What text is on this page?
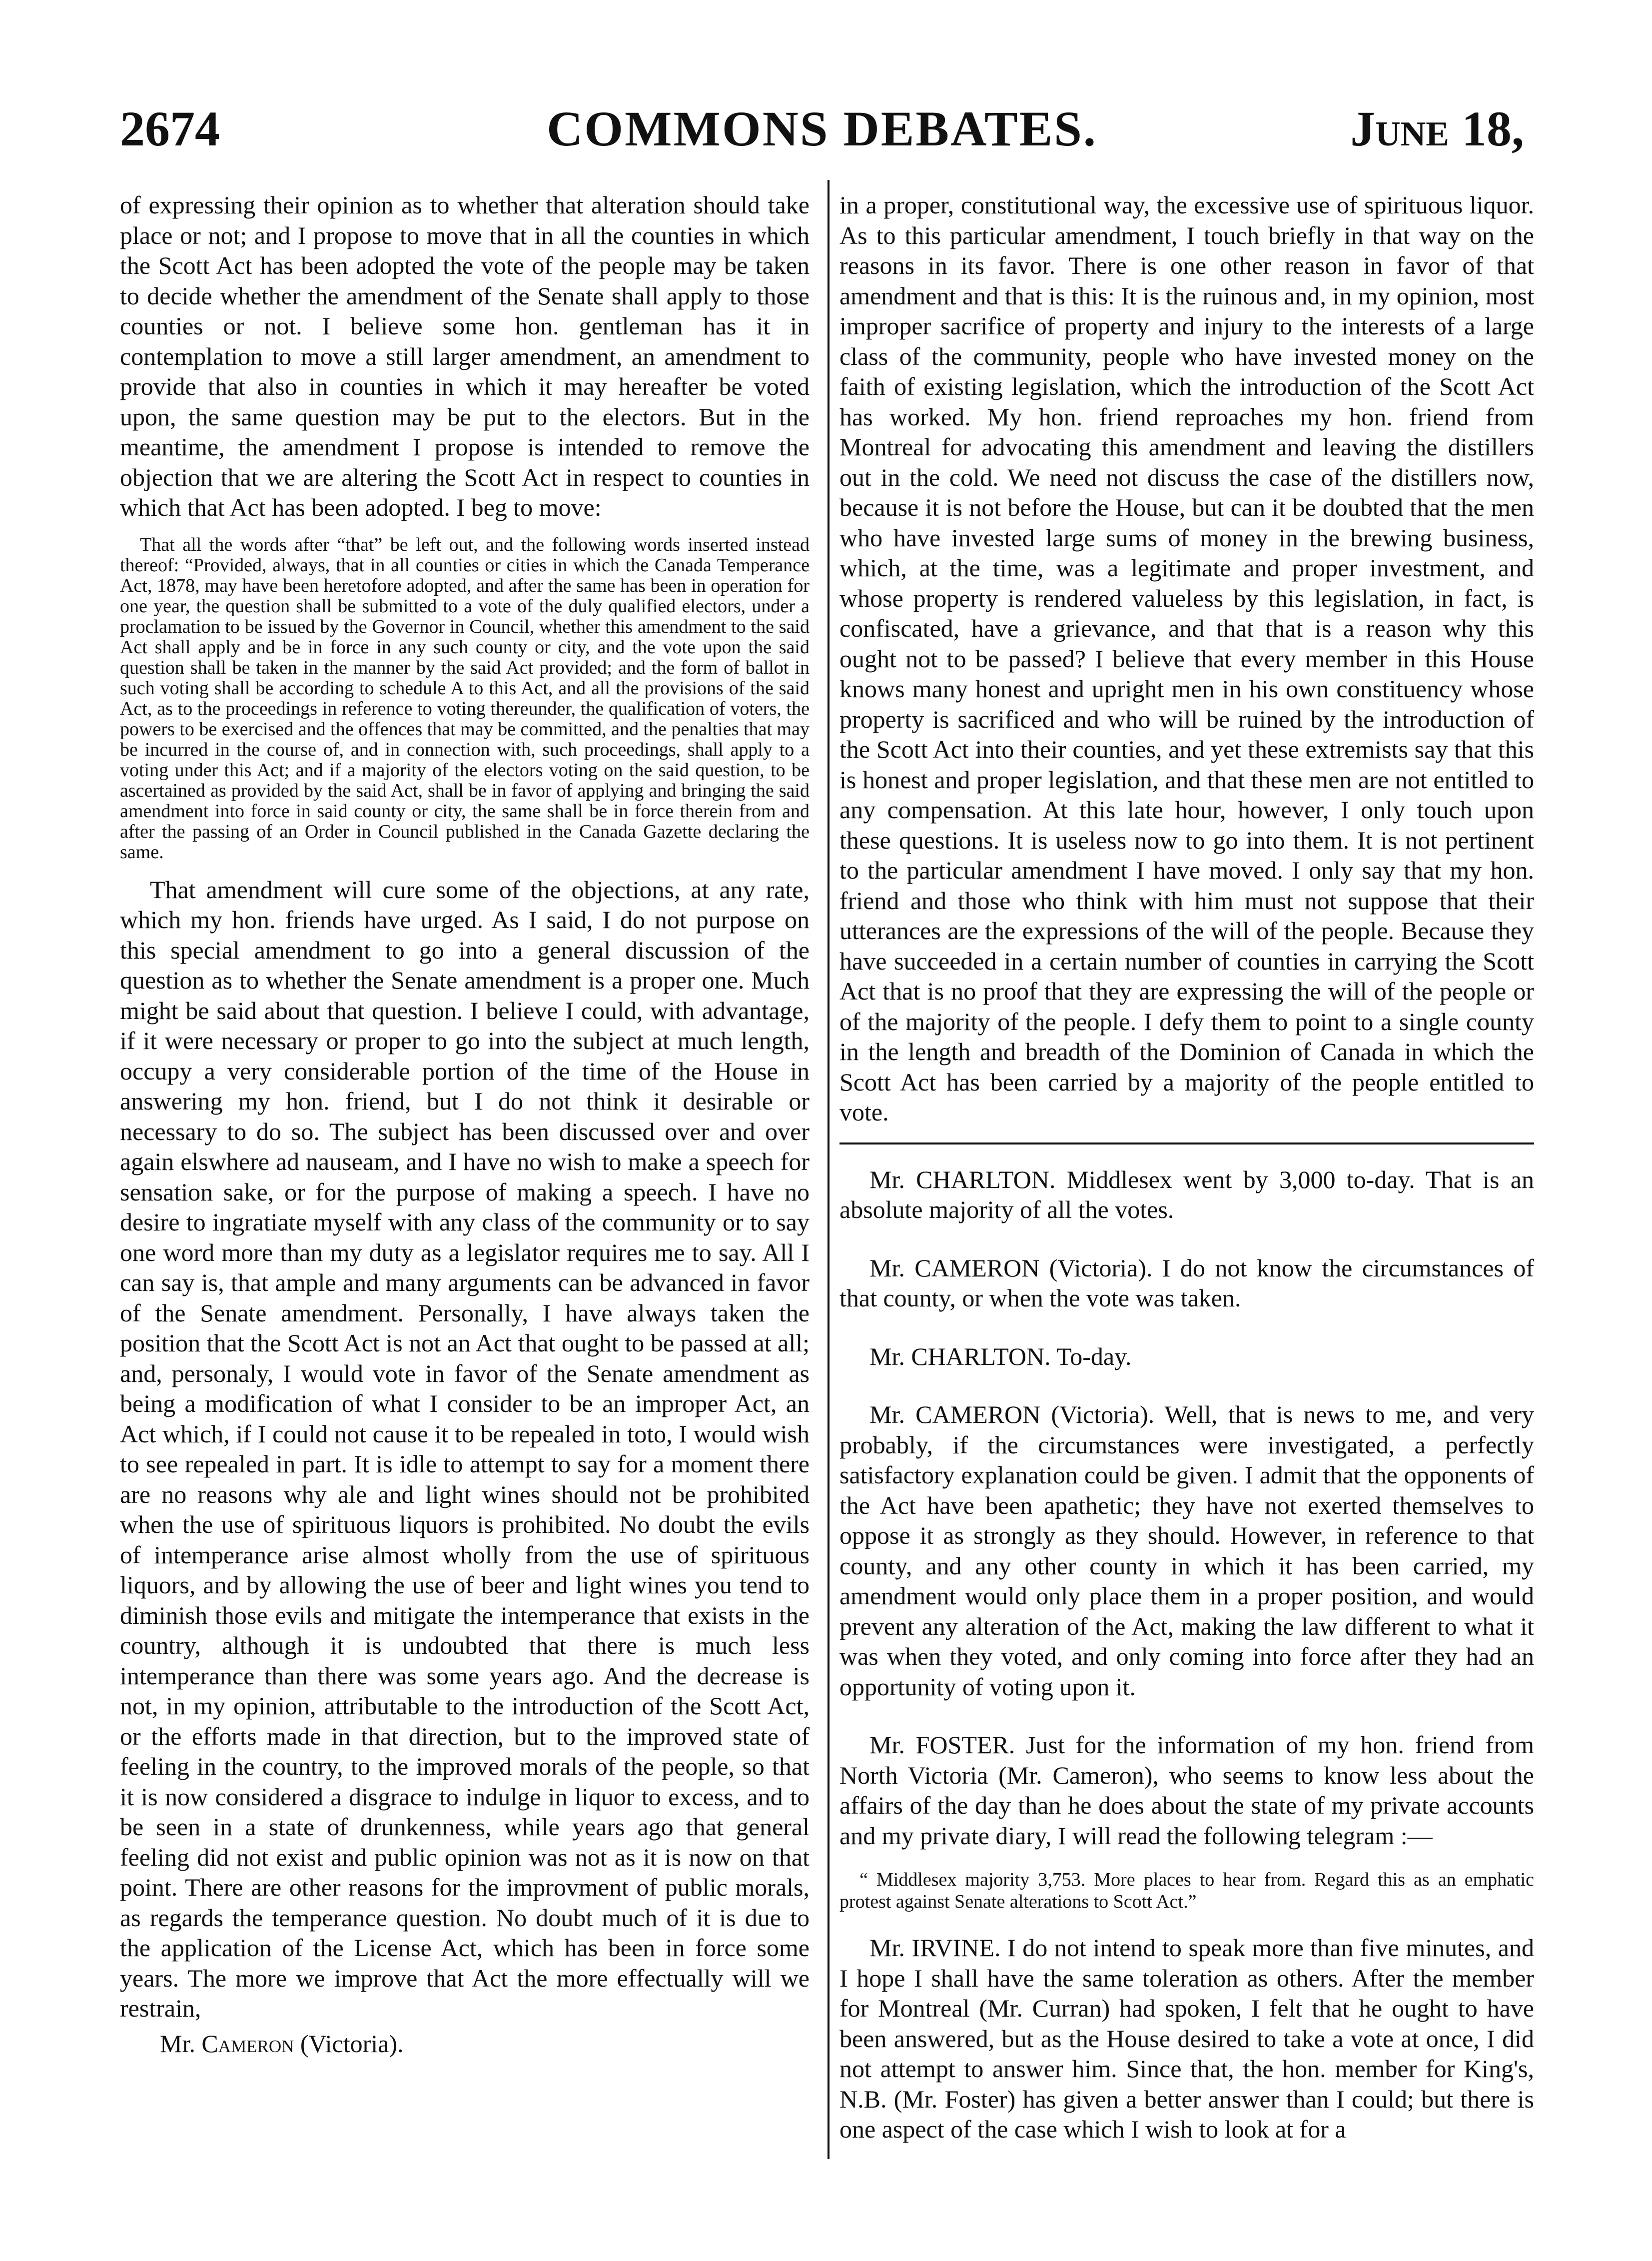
2674	COMMONS DEBATES.	June 18,

of expressing their opinion as to whether that alteration should take place or not; and I propose to move that in all the counties in which the Scott Act has been adopted the vote of the people may be taken to decide whether the amendment of the Senate shall apply to those counties or not. I believe some hon. gentleman has it in contemplation to move a still larger amendment, an amendment to provide that also in counties in which it may hereafter be voted upon, the same question may be put to the electors. But in the meantime, the amendment I propose is intended to remove the objection that we are altering the Scott Act in respect to counties in which that Act has been adopted. I beg to move:

That all the words after “that” be left out, and the following words inserted instead thereof: “Provided, always, that in all counties or cities in which the Canada Temperance Act, 1878, may have been heretofore adopted, and after the same has been in operation for one year, the question shall be submitted to a vote of the duly qualified electors, under a proclamation to be issued by the Governor in Council, whether this amendment to the said Act shall apply and be in force in any such county or city, and the vote upon the said question shall be taken in the manner by the said Act provided; and the form of ballot in such voting shall be according to schedule A to this Act, and all the provisions of the said Act, as to the proceedings in reference to voting thereunder, the qualification of voters, the powers to be exercised and the offences that may be committed, and the penalties that may be incurred in the course of, and in connection with, such proceedings, shall apply to a voting under this Act; and if a majority of the electors voting on the said question, to be ascertained as provided by the said Act, shall be in favor of applying and bringing the said amendment into force in said county or city, the same shall be in force therein from and after the passing of an Order in Council published in the Canada Gazette declaring the same.

That amendment will cure some of the objections, at any rate, which my hon. friends have urged. As I said, I do not purpose on this special amendment to go into a general discussion of the question as to whether the Senate amendment is a proper one. Much might be said about that question. I believe I could, with advantage, if it were necessary or proper to go into the subject at much length, occupy a very considerable portion of the time of the House in answering my hon. friend, but I do not think it desirable or necessary to do so. The subject has been discussed over and over again elswhere ad nauseam, and I have no wish to make a speech for sensation sake, or for the purpose of making a speech. I have no desire to ingratiate myself with any class of the community or to say one word more than my duty as a legislator requires me to say. All I can say is, that ample and many arguments can be advanced in favor of the Senate amendment. Personally, I have always taken the position that the Scott Act is not an Act that ought to be passed at all; and, personaly, I would vote in favor of the Senate amendment as being a modification of what I consider to be an improper Act, an Act which, if I could not cause it to be repealed in toto, I would wish to see repealed in part. It is idle to attempt to say for a moment there are no reasons why ale and light wines should not be prohibited when the use of spirituous liquors is prohibited. No doubt the evils of intemperance arise almost wholly from the use of spirituous liquors, and by allowing the use of beer and light wines you tend to diminish those evils and mitigate the intemperance that exists in the country, although it is undoubted that there is much less intemperance than there was some years ago. And the decrease is not, in my opinion, attributable to the introduction of the Scott Act, or the efforts made in that direction, but to the improved state of feeling in the country, to the improved morals of the people, so that it is now considered a disgrace to indulge in liquor to excess, and to be seen in a state of drunkenness, while years ago that general feeling did not exist and public opinion was not as it is now on that point. There are other reasons for the improvment of public morals, as regards the temperance question. No doubt much of it is due to the application of the License Act, which has been in force some years. The more we improve that Act the more effectually will we restrain,

Mr. Cameron (Victoria).

in a proper, constitutional way, the excessive use of spirituous liquor. As to this particular amendment, I touch briefly in that way on the reasons in its favor. There is one other reason in favor of that amendment and that is this: It is the ruinous and, in my opinion, most improper sacrifice of property and injury to the interests of a large class of the community, people who have invested money on the faith of existing legislation, which the introduction of the Scott Act has worked. My hon. friend reproaches my hon. friend from Montreal for advocating this amendment and leaving the distillers out in the cold. We need not discuss the case of the distillers now, because it is not before the House, but can it be doubted that the men who have invested large sums of money in the brewing business, which, at the time, was a legitimate and proper investment, and whose property is rendered valueless by this legislation, in fact, is confiscated, have a grievance, and that that is a reason why this ought not to be passed? I believe that every member in this House knows many honest and upright men in his own constituency whose property is sacrificed and who will be ruined by the introduction of the Scott Act into their counties, and yet these extremists say that this is honest and proper legislation, and that these men are not entitled to any compensation. At this late hour, however, I only touch upon these questions. It is useless now to go into them. It is not pertinent to the particular amendment I have moved. I only say that my hon. friend and those who think with him must not suppose that their utterances are the expressions of the will of the people. Because they have succeeded in a certain number of counties in carrying the Scott Act that is no proof that they are expressing the will of the people or of the majority of the people. I defy them to point to a single county in the length and breadth of the Dominion of Canada in which the Scott Act has been carried by a majority of the people entitled to vote.

Mr. CHARLTON. Middlesex went by 3,000 to-day. That is an absolute majority of all the votes.

Mr. CAMERON (Victoria). I do not know the circumstances of that county, or when the vote was taken.

Mr. CHARLTON. To-day.

Mr. CAMERON (Victoria). Well, that is news to me, and very probably, if the circumstances were investigated, a perfectly satisfactory explanation could be given. I admit that the opponents of the Act have been apathetic; they have not exerted themselves to oppose it as strongly as they should. However, in reference to that county, and any other county in which it has been carried, my amendment would only place them in a proper position, and would prevent any alteration of the Act, making the law different to what it was when they voted, and only coming into force after they had an opportunity of voting upon it.

Mr. FOSTER. Just for the information of my hon. friend from North Victoria (Mr. Cameron), who seems to know less about the affairs of the day than he does about the state of my private accounts and my private diary, I will read the following telegram :—

“ Middlesex majority 3,753. More places to hear from. Regard this as an emphatic protest against Senate alterations to Scott Act.”

Mr. IRVINE. I do not intend to speak more than five minutes, and I hope I shall have the same toleration as others. After the member for Montreal (Mr. Curran) had spoken, I felt that he ought to have been answered, but as the House desired to take a vote at once, I did not attempt to answer him. Since that, the hon. member for King's, N.B. (Mr. Foster) has given a better answer than I could; but there is one aspect of the case which I wish to look at for a
